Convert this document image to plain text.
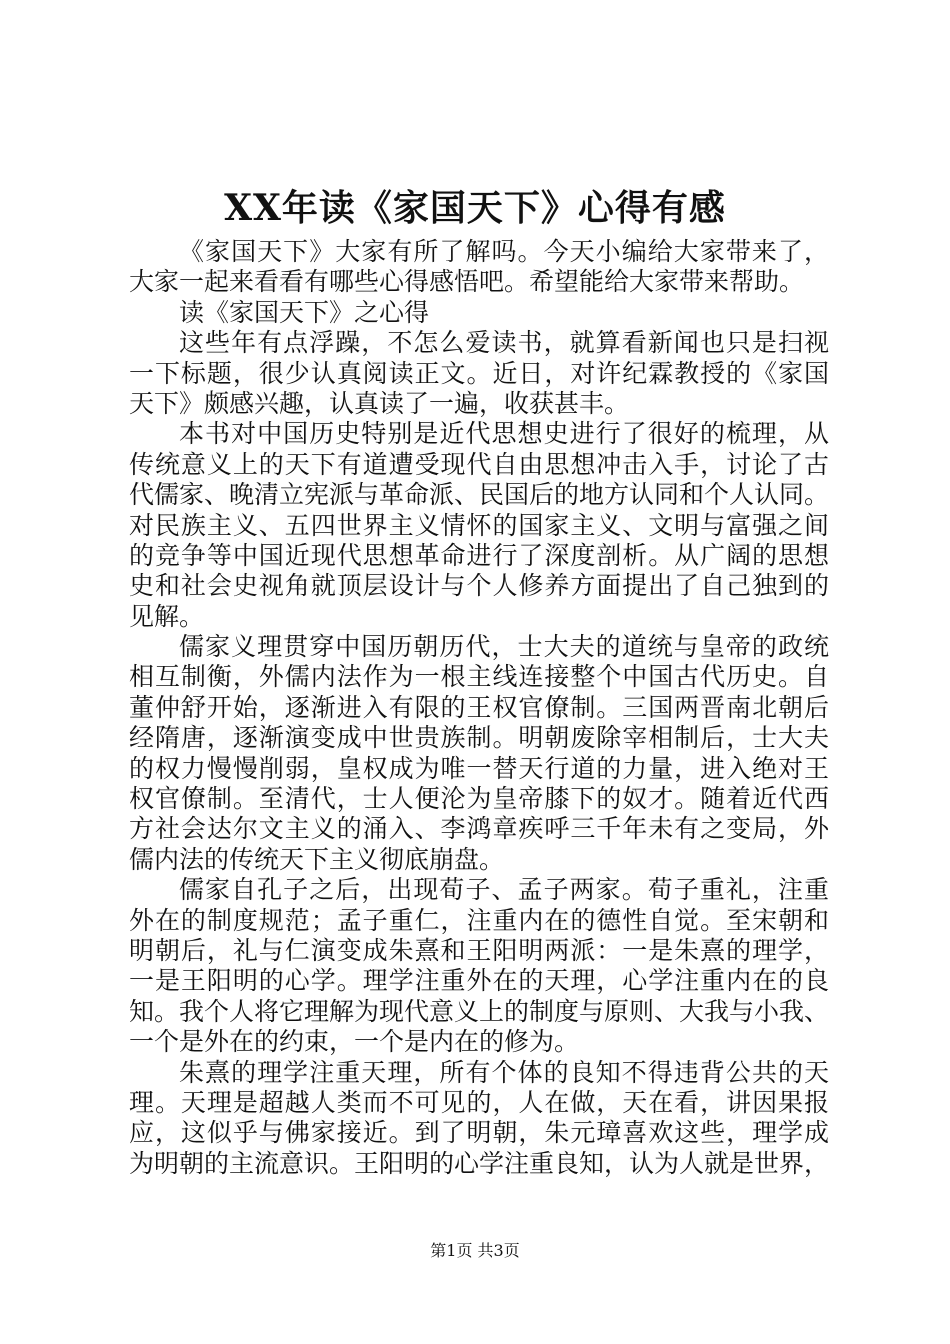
XX年读《家国天下》心得有感
《家国天下》大家有所了解吗。今天小编给大家带来了，
大家一起来看看有哪些心得感悟吧。希望能给大家带来帮助。
读《家国天下》之心得
这些年有点浮躁，不怎么爱读书，就算看新闻也只是扫视
一下标题，很少认真阅读正文。近日，对许纪霖教授的《家国
天下》颇感兴趣，认真读了一遍，收获甚丰。
本书对中国历史特别是近代思想史进行了很好的梳理，从
传统意义上的天下有道遭受现代自由思想冲击入手，讨论了古
代儒家、晚清立宪派与革命派、民国后的地方认同和个人认同。
对民族主义、五四世界主义情怀的国家主义、文明与富强之间
的竞争等中国近现代思想革命进行了深度剖析。从广阔的思想
史和社会史视角就顶层设计与个人修养方面提出了自己独到的
见解。
儒家义理贯穿中国历朝历代，士大夫的道统与皇帝的政统
相互制衡，外儒内法作为一根主线连接整个中国古代历史。自
董仲舒开始，逐渐进入有限的王权官僚制。三国两晋南北朝后
经隋唐，逐渐演变成中世贵族制。明朝废除宰相制后，士大夫
的权力慢慢削弱，皇权成为唯一替天行道的力量，进入绝对王
权官僚制。至清代，士人便沦为皇帝膝下的奴才。随着近代西
方社会达尔文主义的涌入、李鸿章疾呼三千年未有之变局，外
儒内法的传统天下主义彻底崩盘。
儒家自孔子之后，出现荀子、孟子两家。荀子重礼，注重
外在的制度规范；孟子重仁，注重内在的德性自觉。至宋朝和
明朝后，礼与仁演变成朱熹和王阳明两派：一是朱熹的理学，
一是王阳明的心学。理学注重外在的天理，心学注重内在的良
知。我个人将它理解为现代意义上的制度与原则、大我与小我、
一个是外在的约束，一个是内在的修为。
朱熹的理学注重天理，所有个体的良知不得违背公共的天
理。天理是超越人类而不可见的，人在做，天在看，讲因果报
应，这似乎与佛家接近。到了明朝，朱元璋喜欢这些，理学成
为明朝的主流意识。王阳明的心学注重良知，认为人就是世界，
第1页 共3页
